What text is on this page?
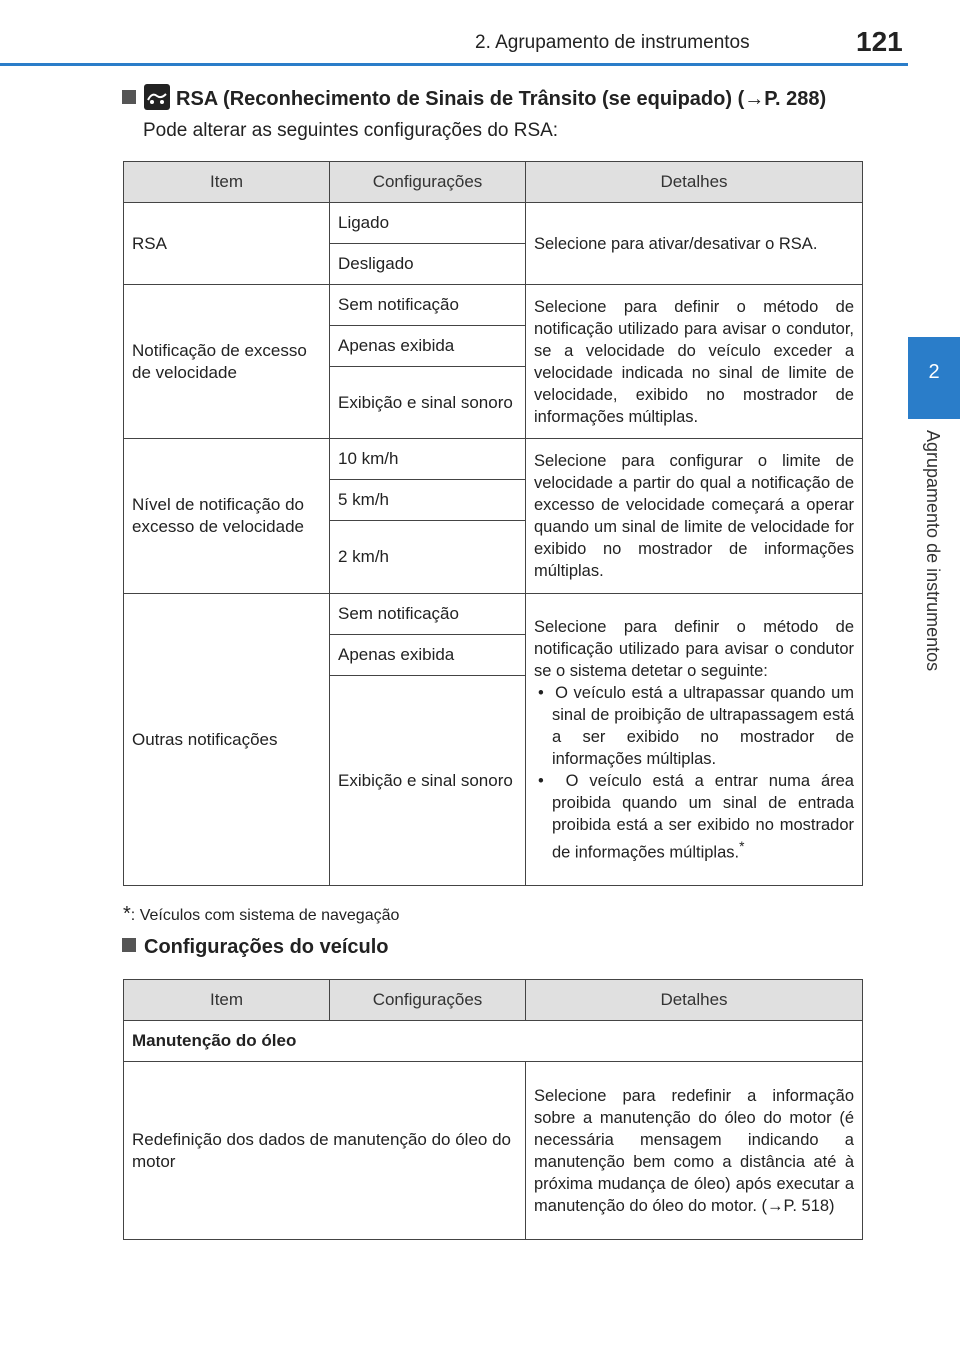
2. Agrupamento de instrumentos	121
2
Agrupamento de instrumentos
RSA (Reconhecimento de Sinais de Trânsito (se equipado) (→P. 288)
Pode alterar as seguintes configurações do RSA:
Item	Configurações	Detalhes
RSA	Ligado	Selecione para ativar/desativar o RSA.
	Desligado	
Notificação de excesso de velocidade	Sem notificação	Selecione para definir o método de notificação utilizado para avisar o condutor, se a velocidade do veículo exceder a velocidade indicada no sinal de limite de velocidade, exibido no mostrador de informações múltiplas.
	Apenas exibida	
	Exibição e sinal sonoro	
Nível de notificação do excesso de velocidade	10 km/h	Selecione para configurar o limite de velocidade a partir do qual a notificação de excesso de velocidade começará a operar quando um sinal de limite de velocidade for exibido no mostrador de informações múltiplas.
	5 km/h	
	2 km/h	
Outras notificações	Sem notificação	Selecione para definir o método de notificação utilizado para avisar o condutor se o sistema detetar o seguinte:
•  O veículo está a ultrapassar quando um sinal de proibição de ultrapassagem está a ser exibido no mostrador de informações múltiplas.
•  O veículo está a entrar numa área proibida quando um sinal de entrada proibida está a ser exibido no mostrador de informações múltiplas.*

	Apenas exibida	
	Exibição e sinal sonoro	
*: Veículos com sistema de navegação
Configurações do veículo
Item	Configurações	Detalhes
Manutenção do óleo		
Redefinição dos dados de manutenção do óleo do motor		Selecione para redefinir a informação sobre a manutenção do óleo do motor (é necessária mensagem indicando a manutenção bem como a distância até à próxima mudança de óleo) após executar a manutenção do óleo do motor. (→P. 518)
